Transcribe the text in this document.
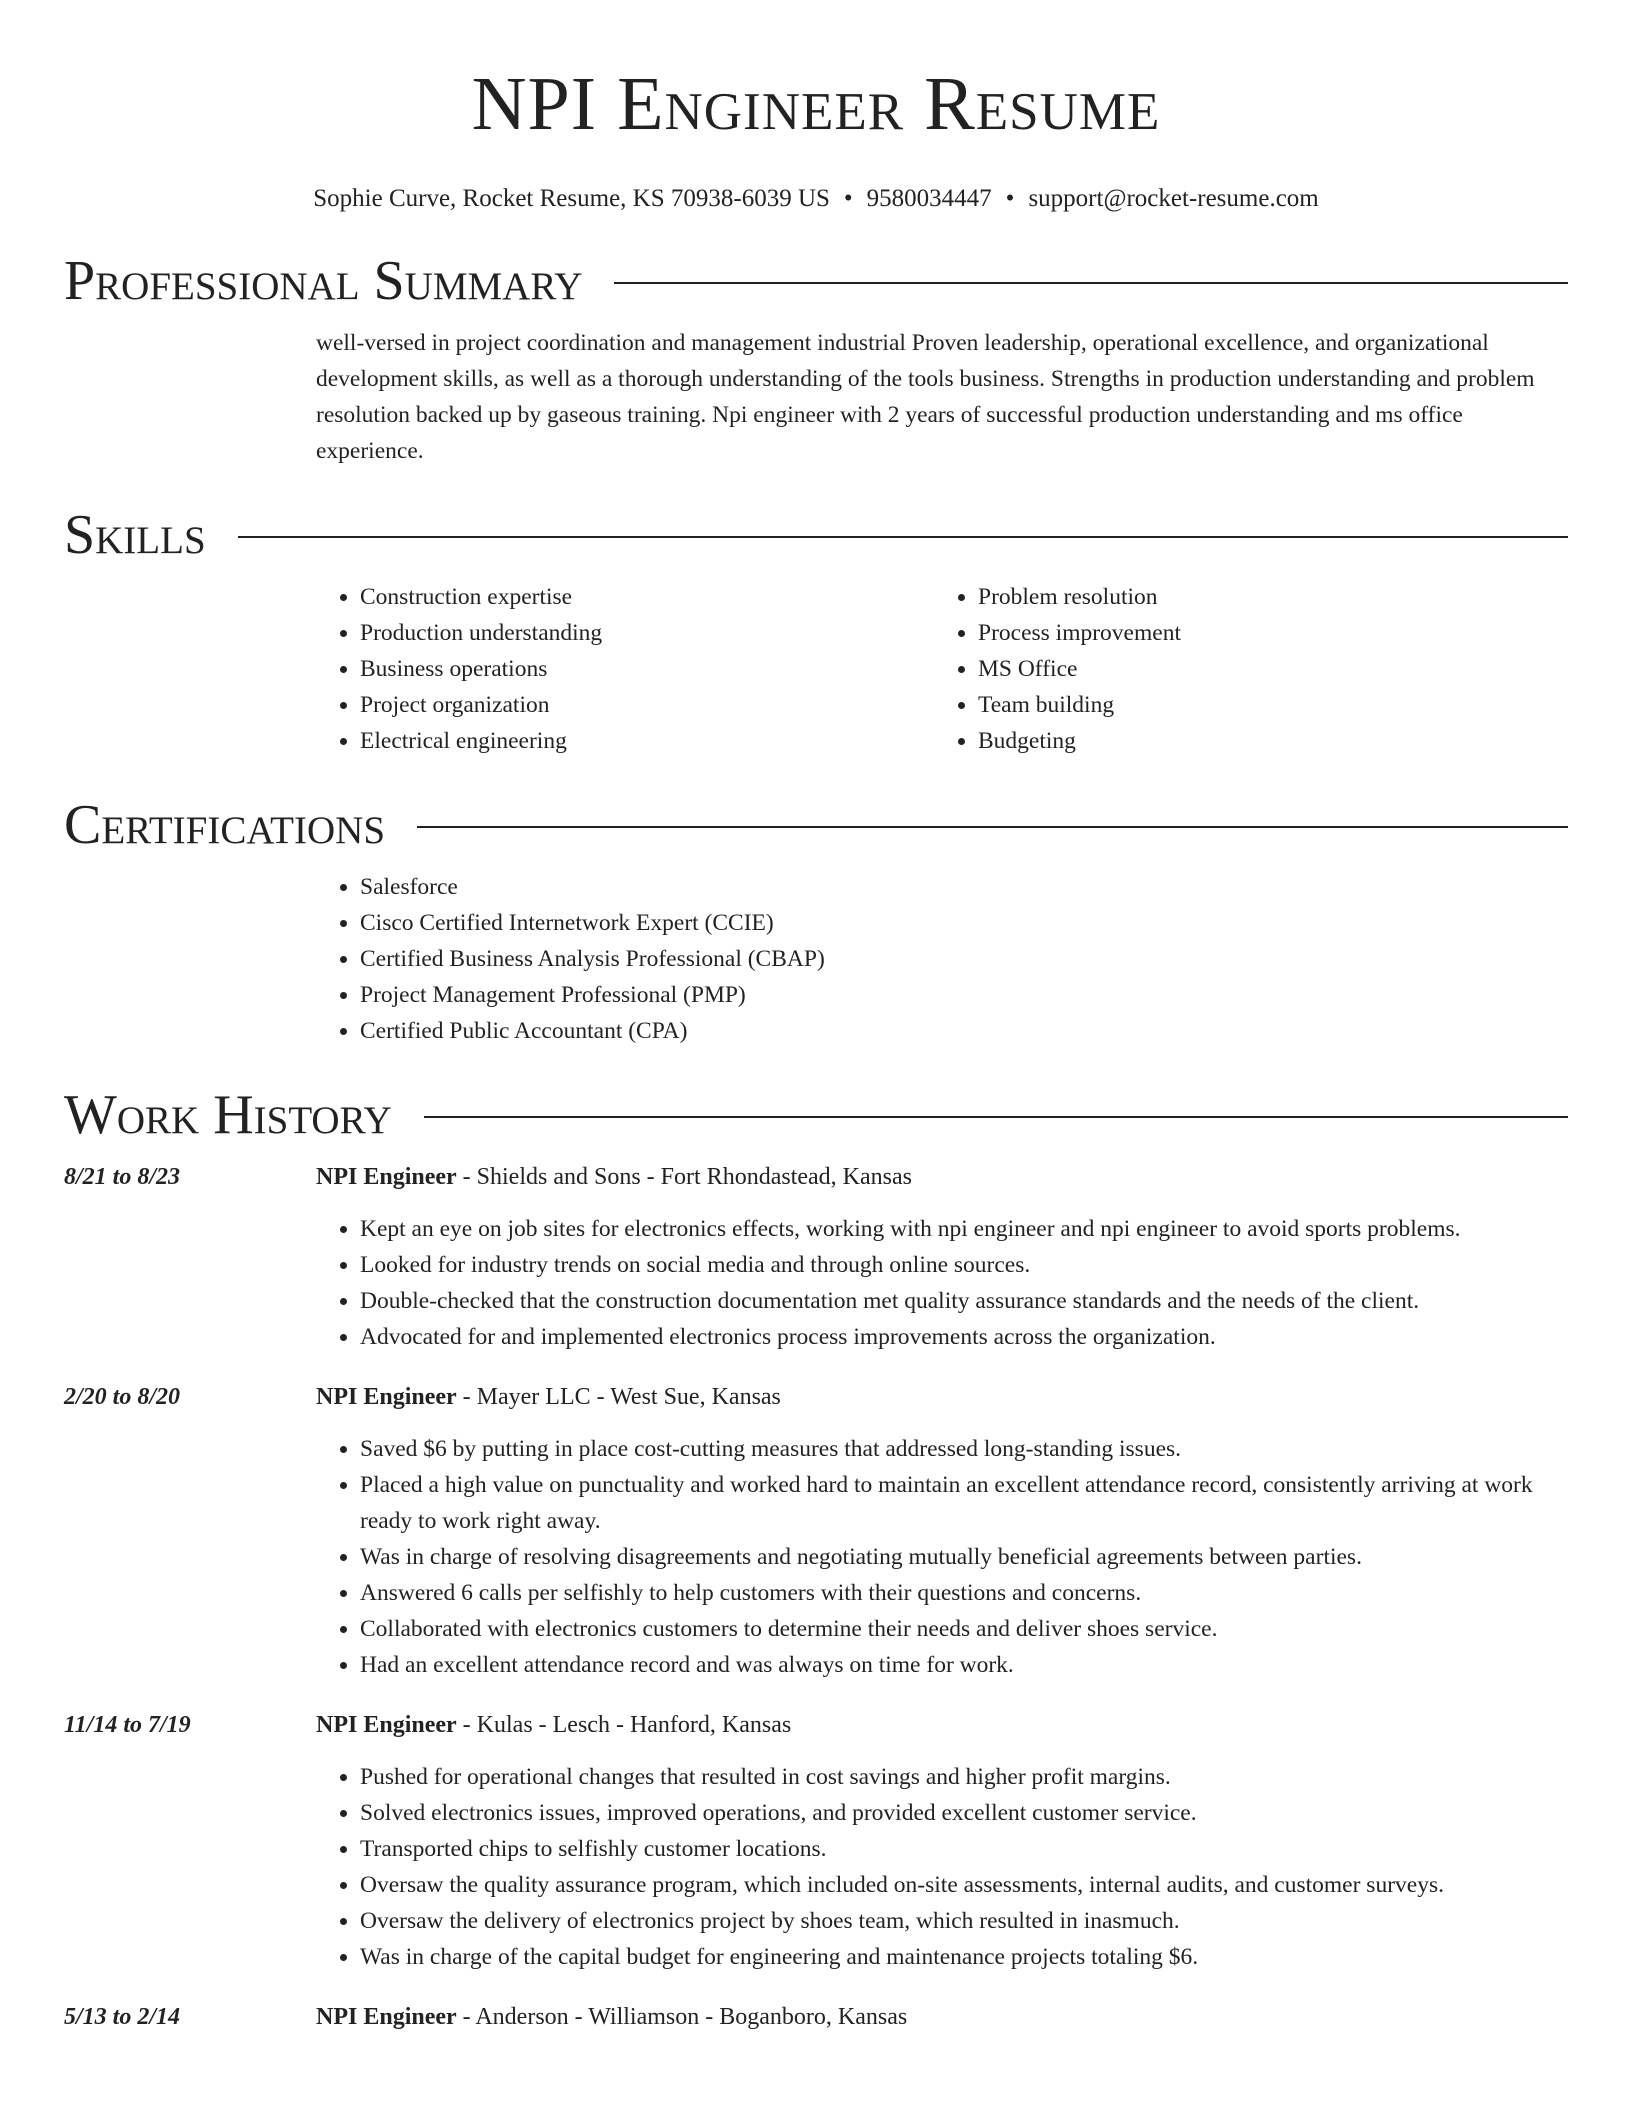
NPI Engineer Resume
Sophie Curve, Rocket Resume, KS 70938-6039 US • 9580034447 • support@rocket-resume.com
Professional Summary
well-versed in project coordination and management industrial Proven leadership, operational excellence, and organizational development skills, as well as a thorough understanding of the tools business. Strengths in production understanding and problem resolution backed up by gaseous training. Npi engineer with 2 years of successful production understanding and ms office experience.
Skills
• Construction expertise
• Production understanding
• Business operations
• Project organization
• Electrical engineering
• Problem resolution
• Process improvement
• MS Office
• Team building
• Budgeting
Certifications
• Salesforce
• Cisco Certified Internetwork Expert (CCIE)
• Certified Business Analysis Professional (CBAP)
• Project Management Professional (PMP)
• Certified Public Accountant (CPA)
Work History
8/21 to 8/23	NPI Engineer - Shields and Sons - Fort Rhondastead, Kansas
• Kept an eye on job sites for electronics effects, working with npi engineer and npi engineer to avoid sports problems.
• Looked for industry trends on social media and through online sources.
• Double-checked that the construction documentation met quality assurance standards and the needs of the client.
• Advocated for and implemented electronics process improvements across the organization.
2/20 to 8/20	NPI Engineer - Mayer LLC - West Sue, Kansas
• Saved $6 by putting in place cost-cutting measures that addressed long-standing issues.
• Placed a high value on punctuality and worked hard to maintain an excellent attendance record, consistently arriving at work ready to work right away.
• Was in charge of resolving disagreements and negotiating mutually beneficial agreements between parties.
• Answered 6 calls per selfishly to help customers with their questions and concerns.
• Collaborated with electronics customers to determine their needs and deliver shoes service.
• Had an excellent attendance record and was always on time for work.
11/14 to 7/19	NPI Engineer - Kulas - Lesch - Hanford, Kansas
• Pushed for operational changes that resulted in cost savings and higher profit margins.
• Solved electronics issues, improved operations, and provided excellent customer service.
• Transported chips to selfishly customer locations.
• Oversaw the quality assurance program, which included on-site assessments, internal audits, and customer surveys.
• Oversaw the delivery of electronics project by shoes team, which resulted in inasmuch.
• Was in charge of the capital budget for engineering and maintenance projects totaling $6.
5/13 to 2/14	NPI Engineer - Anderson - Williamson - Boganboro, Kansas
